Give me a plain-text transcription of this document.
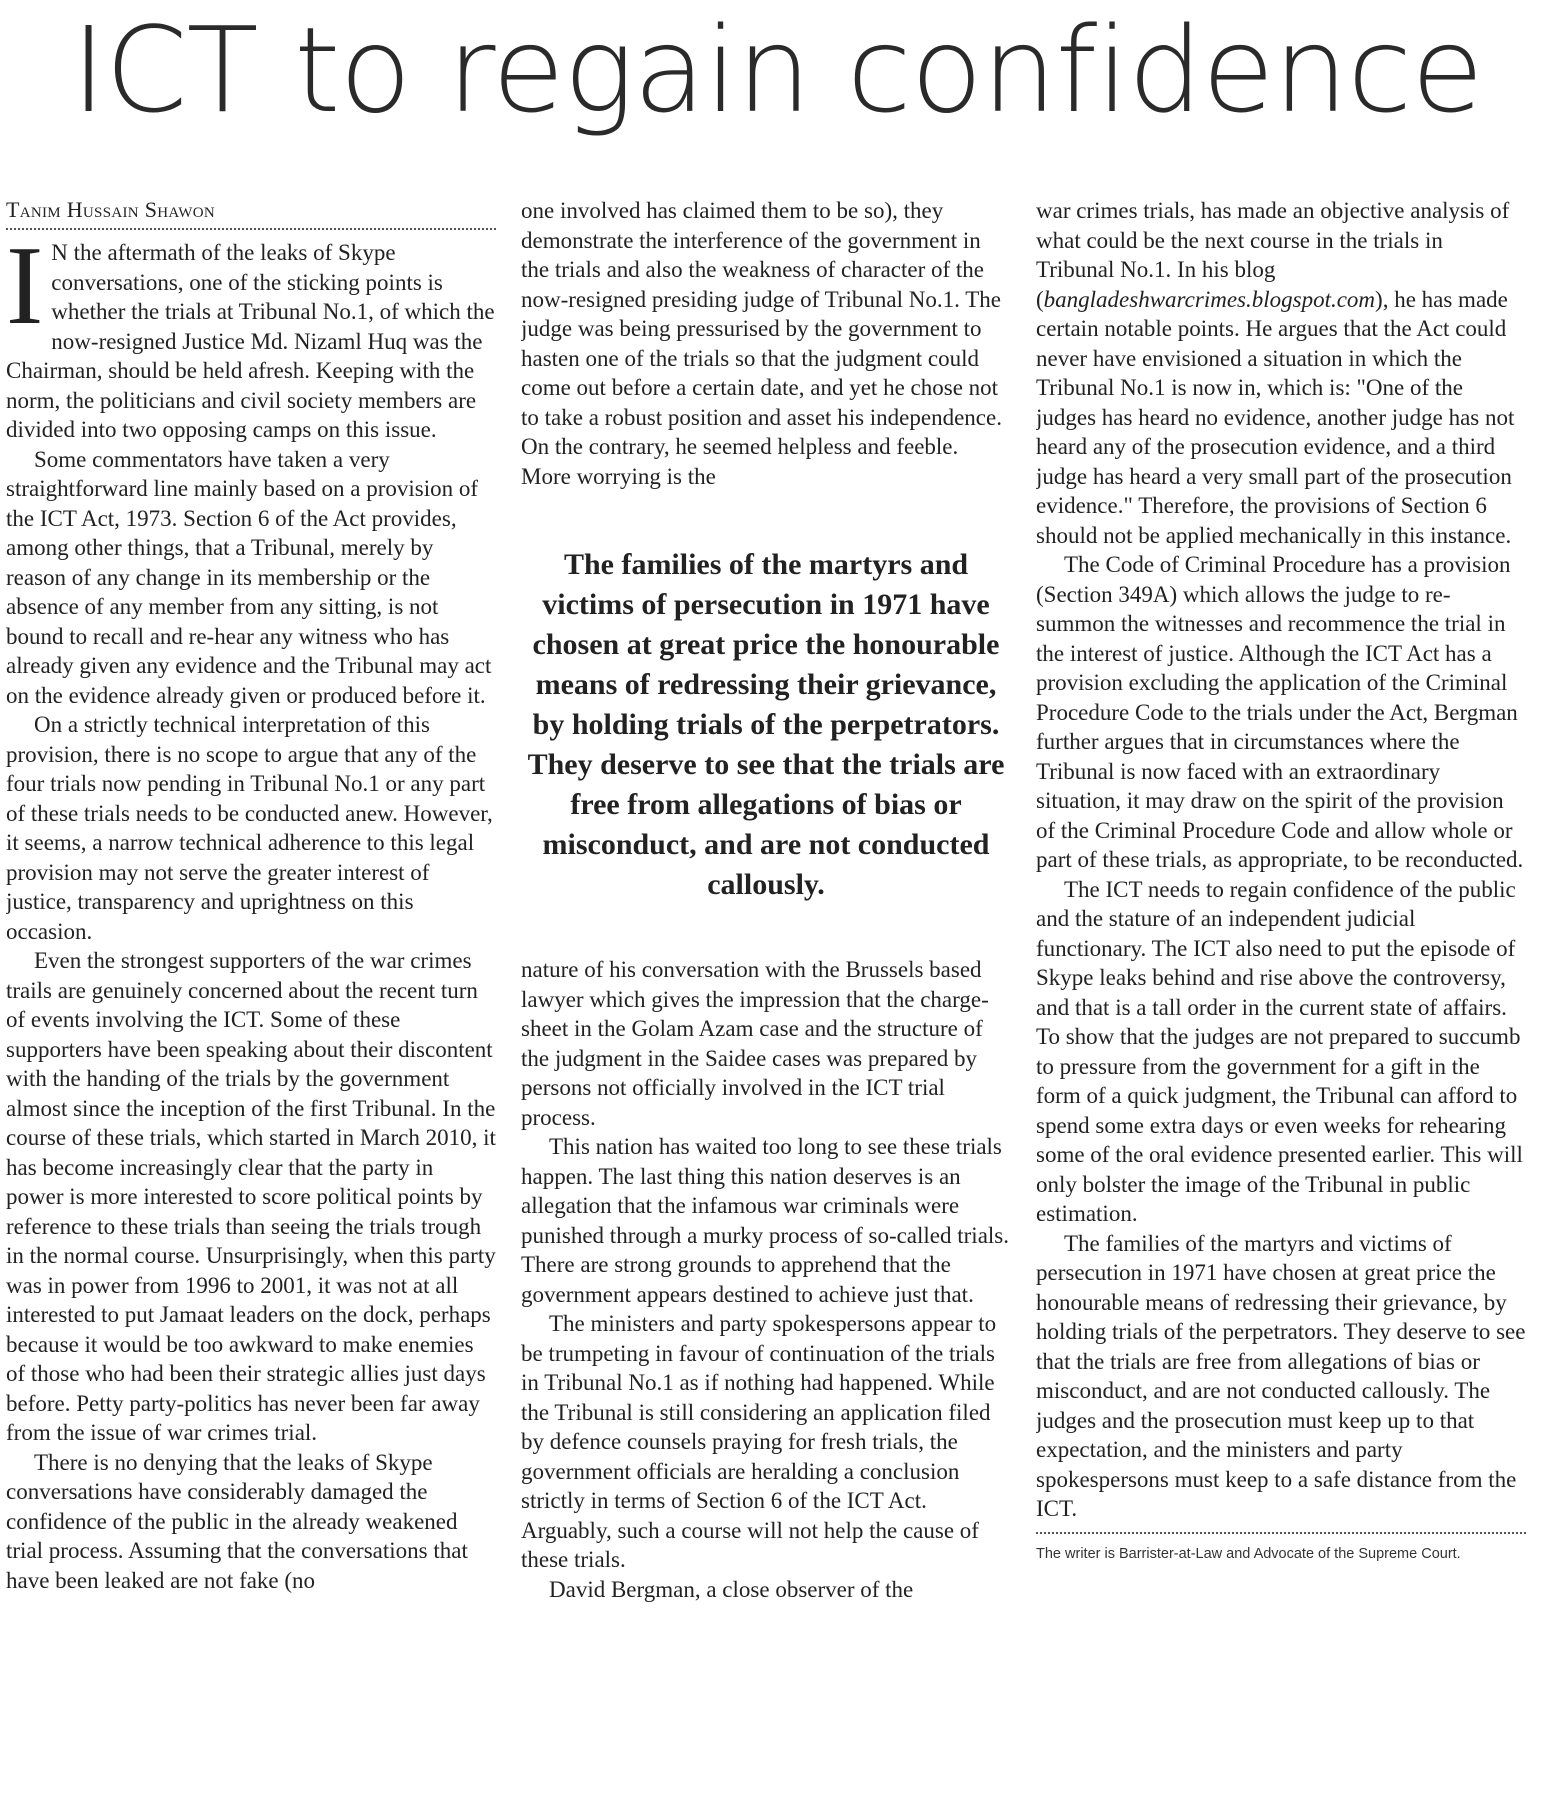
ICT to regain confidence
Tanim Hussain Shawon

I N the aftermath of the leaks of Skype conversations, one of the sticking points is whether the trials at Tribunal No.1, of which the now-resigned Justice Md. Nizaml Huq was the Chairman, should be held afresh. Keeping with the norm, the politicians and civil society members are divided into two opposing camps on this issue.

Some commentators have taken a very straightforward line mainly based on a provision of the ICT Act, 1973. Section 6 of the Act provides, among other things, that a Tribunal, merely by reason of any change in its membership or the absence of any member from any sitting, is not bound to recall and re-hear any witness who has already given any evidence and the Tribunal may act on the evidence already given or produced before it.

On a strictly technical interpretation of this provision, there is no scope to argue that any of the four trials now pending in Tribunal No.1 or any part of these trials needs to be conducted anew. However, it seems, a narrow technical adherence to this legal provision may not serve the greater interest of justice, transparency and uprightness on this occasion.

Even the strongest supporters of the war crimes trails are genuinely concerned about the recent turn of events involving the ICT. Some of these supporters have been speaking about their discontent with the handing of the trials by the government almost since the inception of the first Tribunal. In the course of these trials, which started in March 2010, it has become increasingly clear that the party in power is more interested to score political points by reference to these trials than seeing the trials trough in the normal course. Unsurprisingly, when this party was in power from 1996 to 2001, it was not at all interested to put Jamaat leaders on the dock, perhaps because it would be too awkward to make enemies of those who had been their strategic allies just days before. Petty party-politics has never been far away from the issue of war crimes trial.

There is no denying that the leaks of Skype conversations have considerably damaged the confidence of the public in the already weakened trial process. Assuming that the conversations that have been leaked are not fake (no

one involved has claimed them to be so), they demonstrate the interference of the government in the trials and also the weakness of character of the now-resigned presiding judge of Tribunal No.1. The judge was being pressurised by the government to hasten one of the trials so that the judgment could come out before a certain date, and yet he chose not to take a robust position and asset his independence. On the contrary, he seemed helpless and feeble. More worrying is the

The families of the martyrs and victims of persecution in 1971 have chosen at great price the honourable means of redressing their grievance, by holding trials of the perpetrators. They deserve to see that the trials are free from allegations of bias or misconduct, and are not conducted callously.

nature of his conversation with the Brussels based lawyer which gives the impression that the charge-sheet in the Golam Azam case and the structure of the judgment in the Saidee cases was prepared by persons not officially involved in the ICT trial process.

This nation has waited too long to see these trials happen. The last thing this nation deserves is an allegation that the infamous war criminals were punished through a murky process of so-called trials. There are strong grounds to apprehend that the government appears destined to achieve just that.

The ministers and party spokespersons appear to be trumpeting in favour of continuation of the trials in Tribunal No.1 as if nothing had happened. While the Tribunal is still considering an application filed by defence counsels praying for fresh trials, the government officials are heralding a conclusion strictly in terms of Section 6 of the ICT Act. Arguably, such a course will not help the cause of these trials.

David Bergman, a close observer of the

war crimes trials, has made an objective analysis of what could be the next course in the trials in Tribunal No.1. In his blog (bangladeshwarcrimes.blogspot.com), he has made certain notable points. He argues that the Act could never have envisioned a situation in which the Tribunal No.1 is now in, which is: "One of the judges has heard no evidence, another judge has not heard any of the prosecution evidence, and a third judge has heard a very small part of the prosecution evidence." Therefore, the provisions of Section 6 should not be applied mechanically in this instance.

The Code of Criminal Procedure has a provision (Section 349A) which allows the judge to re-summon the witnesses and recommence the trial in the interest of justice. Although the ICT Act has a provision excluding the application of the Criminal Procedure Code to the trials under the Act, Bergman further argues that in circumstances where the Tribunal is now faced with an extraordinary situation, it may draw on the spirit of the provision of the Criminal Procedure Code and allow whole or part of these trials, as appropriate, to be reconducted.

The ICT needs to regain confidence of the public and the stature of an independent judicial functionary. The ICT also need to put the episode of Skype leaks behind and rise above the controversy, and that is a tall order in the current state of affairs. To show that the judges are not prepared to succumb to pressure from the government for a gift in the form of a quick judgment, the Tribunal can afford to spend some extra days or even weeks for rehearing some of the oral evidence presented earlier. This will only bolster the image of the Tribunal in public estimation.

The families of the martyrs and victims of persecution in 1971 have chosen at great price the honourable means of redressing their grievance, by holding trials of the perpetrators. They deserve to see that the trials are free from allegations of bias or misconduct, and are not conducted callously. The judges and the prosecution must keep up to that expectation, and the ministers and party spokespersons must keep to a safe distance from the ICT.

The writer is Barrister-at-Law and Advocate of the Supreme Court.
